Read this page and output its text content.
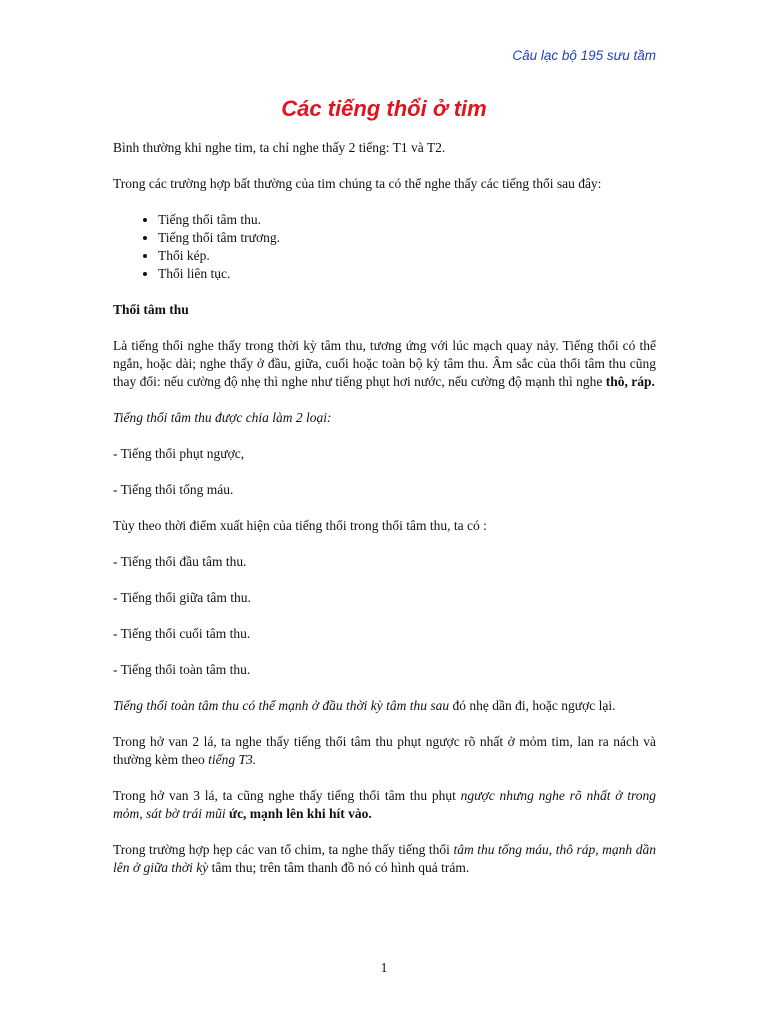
Câu lạc bộ 195 sưu tầm
Các tiếng thổi ở tim

Bình thường khi nghe tim, ta chỉ nghe thấy 2 tiếng: T1 và T2.

Trong các trường hợp bất thường của tim chúng ta có thể nghe thấy các tiếng thổi sau đây:

• Tiếng thổi tâm thu.
• Tiếng thổi tâm trương.
• Thổi kép.
• Thổi liên tục.
Thổi tâm thu

Là tiếng thổi nghe thấy trong thời kỳ tâm thu, tương ứng với lúc mạch quay nảy. Tiếng thổi có thể ngắn, hoặc dài; nghe thấy ở đầu, giữa, cuối hoặc toàn bộ kỳ tâm thu. Âm sắc của thổi tâm thu cũng thay đổi: nếu cường độ nhẹ thì nghe như tiếng phụt hơi nước, nếu cường độ mạnh thì nghe thô, ráp.

Tiếng thổi tâm thu được chia làm 2 loại:

- Tiếng thổi phụt ngược,

- Tiếng thổi tống máu.

Tùy theo thời điểm xuất hiện của tiếng thổi trong thổi tâm thu, ta có :

- Tiếng thổi đầu tâm thu.

- Tiếng thổi giữa tâm thu.

- Tiếng thổi cuối tâm thu.

- Tiếng thổi toàn tâm thu.

Tiếng thổi toàn tâm thu có thể mạnh ở đầu thời kỳ tâm thu sau đó nhẹ dần đi, hoặc ngược lại.

Trong hở van 2 lá, ta nghe thấy tiếng thổi tâm thu phụt ngược rõ nhất ở mỏm tim, lan ra nách và thường kèm theo tiếng T3.

Trong hở van 3 lá, ta cũng nghe thấy tiếng thổi tâm thu phụt ngược nhưng nghe rõ nhất ở trong mỏm, sát bờ trái mũi ức, mạnh lên khi hít vào.

Trong trường hợp hẹp các van tổ chim, ta nghe thấy tiếng thổi tâm thu tống máu, thô ráp, mạnh dần lên ở giữa thời kỳ tâm thu; trên tâm thanh đồ nó có hình quả trám.

1
